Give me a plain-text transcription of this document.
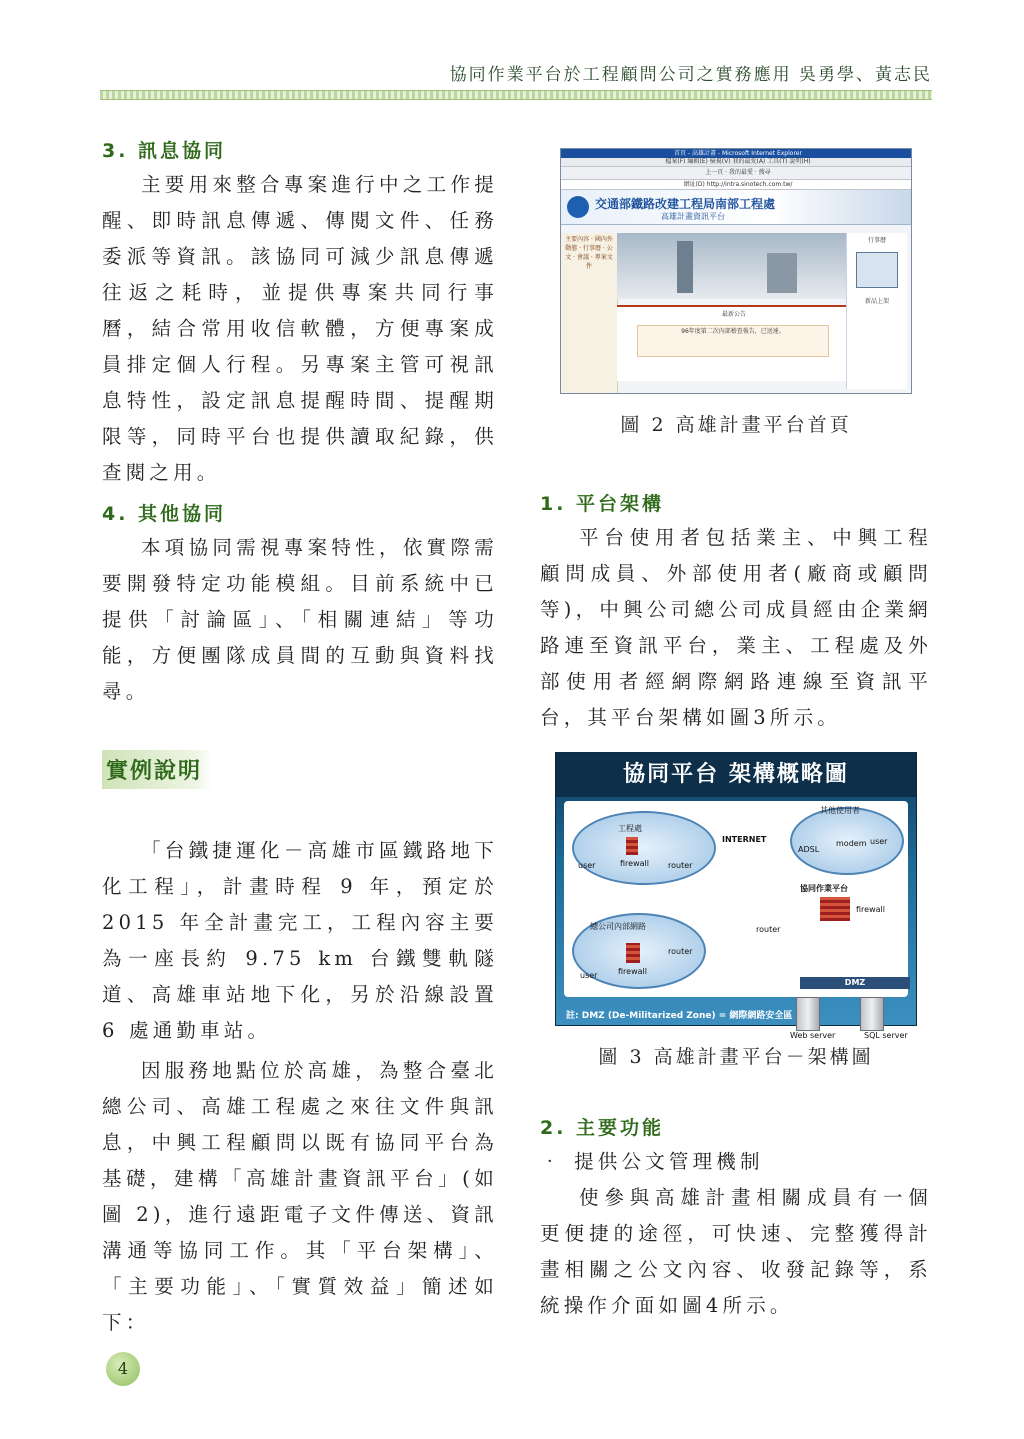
協同作業平台於工程顧問公司之實務應用 吳勇學、黃志民
3. 訊息協同

主要用來整合專案進行中之工作提醒、即時訊息傳遞、傳閱文件、任務委派等資訊。該協同可減少訊息傳遞往返之耗時，並提供專案共同行事曆，結合常用收信軟體，方便專案成員排定個人行程。另專案主管可視訊息特性，設定訊息提醒時間、提醒期限等，同時平台也提供讀取紀錄，供查閱之用。

4. 其他協同

本項協同需視專案特性，依實際需要開發特定功能模組。目前系統中已提供「討論區」、「相關連結」等功能，方便團隊成員間的互動與資料找尋。

實例說明

「台鐵捷運化－高雄市區鐵路地下化工程」，計畫時程 9 年，預定於 2015 年全計畫完工，工程內容主要為一座長約 9.75 km 台鐵雙軌隧道、高雄車站地下化，另於沿線設置 6 處通勤車站。

因服務地點位於高雄，為整合臺北總公司、高雄工程處之來往文件與訊息，中興工程顧問以既有協同平台為基礎，建構「高雄計畫資訊平台」(如圖 2)，進行遠距電子文件傳送、資訊溝通等協同工作。其「平台架構」、「主要功能」、「實質效益」簡述如下：

首頁 - 高雄計畫 - Microsoft Internet Explorer
檔案(F) 編輯(E) 檢視(V) 我的最愛(A) 工具(T) 說明(H)
上一頁 · 我的最愛 · 搜尋
網址(D) http://intra.sinotech.com.tw/
交通部鐵路改建工程局南部工程處
高雄計畫資訊平台
主要內容 · 國內外動態 · 行事曆 · 公文 · 會議 · 專案文件
最新公告
96年度第二次內部稽查報告，已送達。
行事曆
新品上架
圖 2 高雄計畫平台首頁
1. 平台架構

平台使用者包括業主、中興工程顧問成員、外部使用者(廠商或顧問等)，中興公司總公司成員經由企業網路連至資訊平台，業主、工程處及外部使用者經網際網路連線至資訊平台，其平台架構如圖3所示。

協同平台 架構概略圖
工程處
user	firewall router
INTERNET
其他使用者
ADSL
modem user
總公司內部網路
firewall
router
user
協同作業平台
router
firewall
DMZ
Web server	SQL server
註: DMZ (De-Militarized Zone) = 網際網路安全區
圖 3 高雄計畫平台－架構圖
2. 主要功能

‧ 提供公文管理機制

使參與高雄計畫相關成員有一個更便捷的途徑，可快速、完整獲得計畫相關之公文內容、收發記錄等，系統操作介面如圖4所示。

4
